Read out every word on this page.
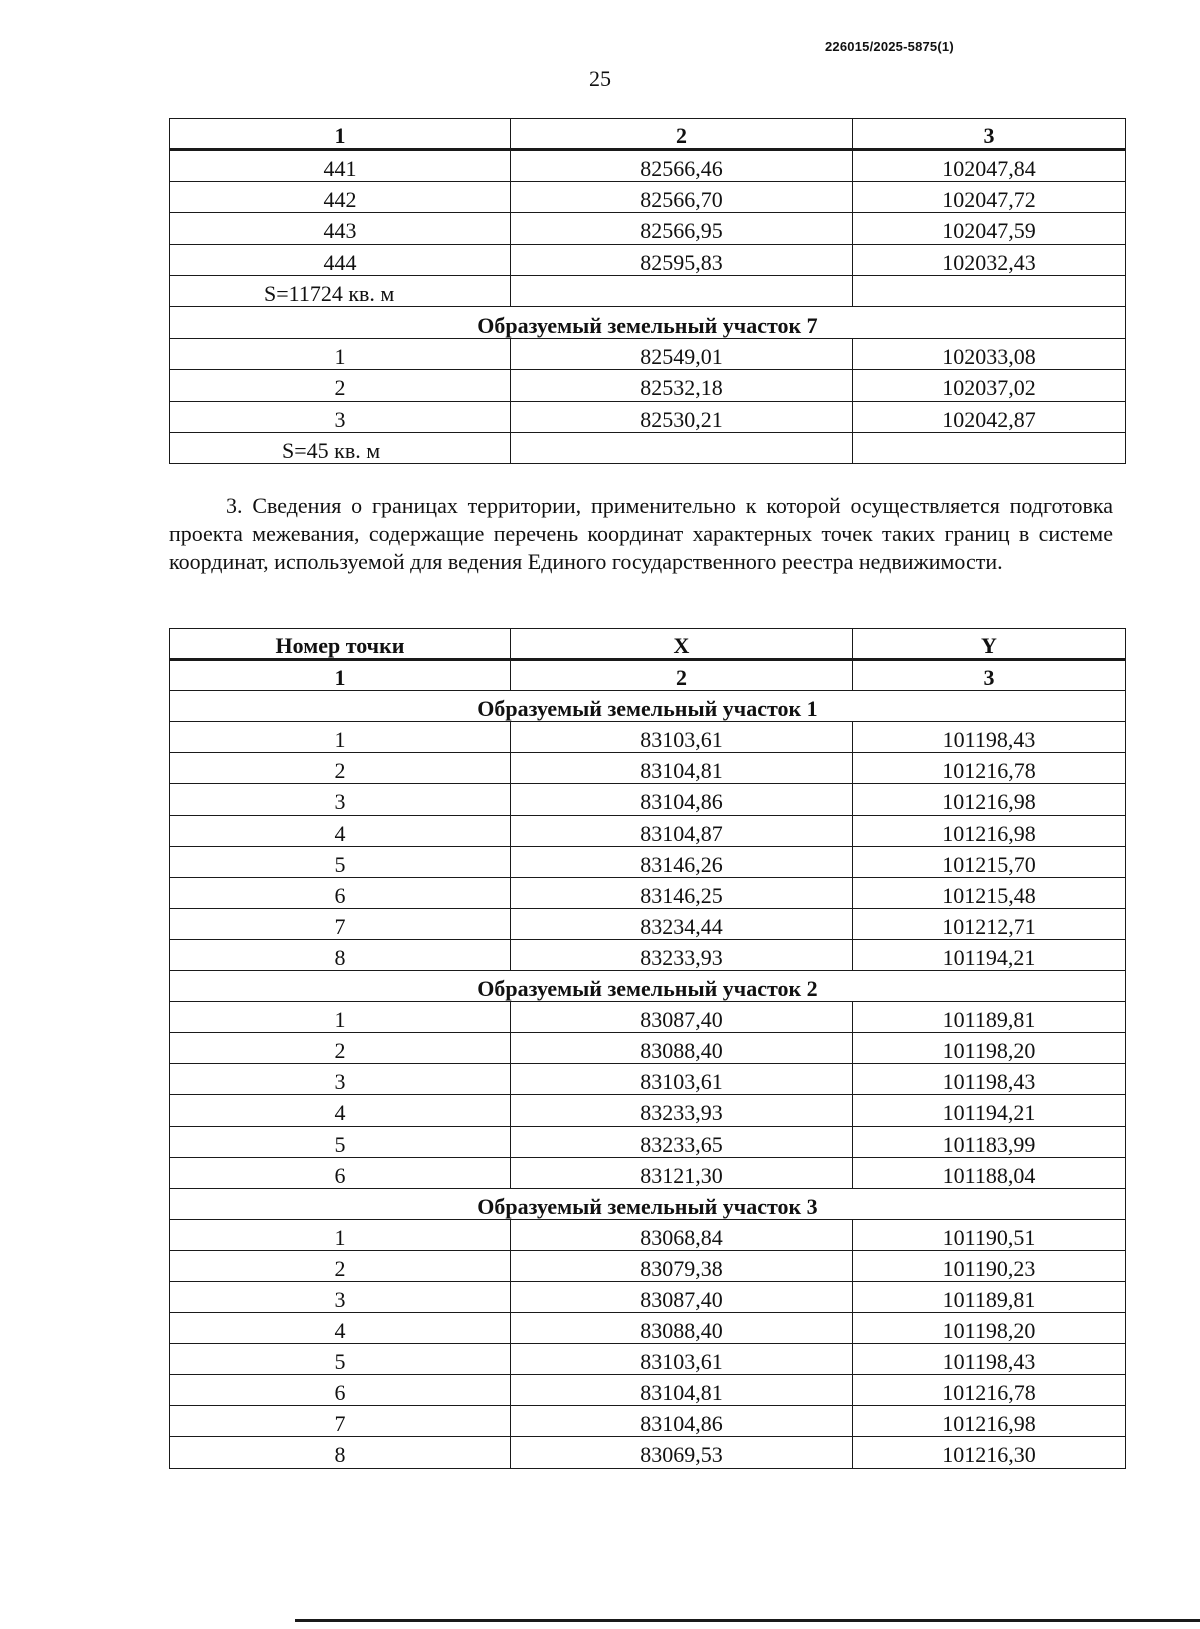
226015/2025-5875(1)
25
1	2	3
441	82566,46	102047,84
442	82566,70	102047,72
443	82566,95	102047,59
444	82595,83	102032,43
S=11724 кв. м		
Образуемый земельный участок 7		
1	82549,01	102033,08
2	82532,18	102037,02
3	82530,21	102042,87
S=45 кв. м		

3. Сведения о границах территории, применительно к которой осуществляется подготовка проекта межевания, содержащие перечень координат характерных точек таких границ в системе координат, используемой для ведения Единого государственного реестра недвижимости.

Номер точки	X	Y
1	2	3
Образуемый земельный участок 1		
1	83103,61	101198,43
2	83104,81	101216,78
3	83104,86	101216,98
4	83104,87	101216,98
5	83146,26	101215,70
6	83146,25	101215,48
7	83234,44	101212,71
8	83233,93	101194,21
Образуемый земельный участок 2		
1	83087,40	101189,81
2	83088,40	101198,20
3	83103,61	101198,43
4	83233,93	101194,21
5	83233,65	101183,99
6	83121,30	101188,04
Образуемый земельный участок 3		
1	83068,84	101190,51
2	83079,38	101190,23
3	83087,40	101189,81
4	83088,40	101198,20
5	83103,61	101198,43
6	83104,81	101216,78
7	83104,86	101216,98
8	83069,53	101216,30
